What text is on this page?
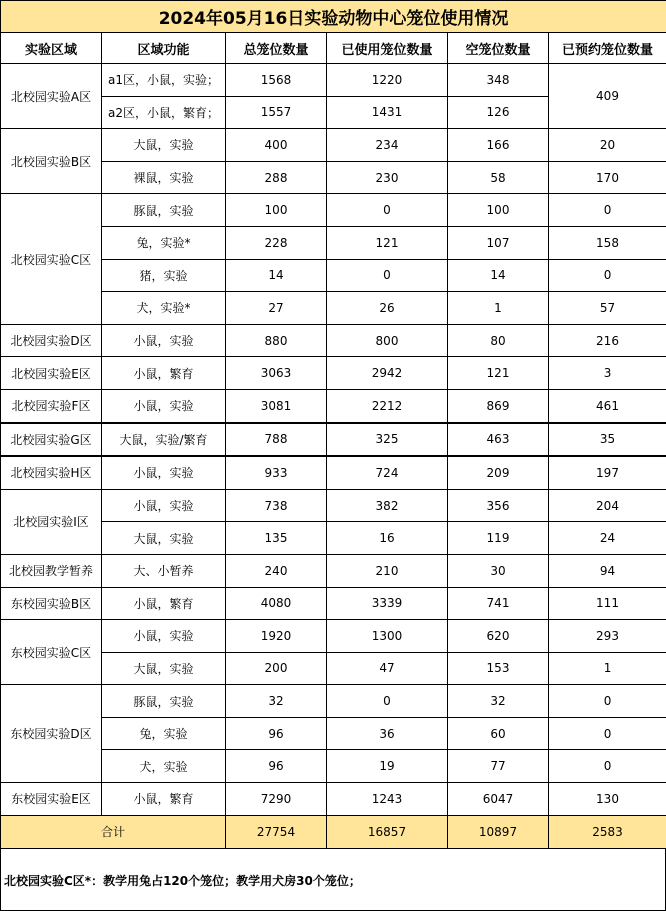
2024年05月16日实验动物中心笼位使用情况					
实验区域	区域功能	总笼位数量	已使用笼位数量	空笼位数量	已预约笼位数量
北校园实验A区	a1区，小鼠，实验；	1568	1220	348	409
	a2区，小鼠，繁育；	1557	1431	126	
北校园实验B区	大鼠，实验	400	234	166	20
	裸鼠，实验	288	230	58	170
北校园实验C区	豚鼠，实验	100	0	100	0
	兔，实验*	228	121	107	158
	猪，实验	14	0	14	0
	犬，实验*	27	26	1	57
北校园实验D区	小鼠，实验	880	800	80	216
北校园实验E区	小鼠，繁育	3063	2942	121	3
北校园实验F区	小鼠，实验	3081	2212	869	461
北校园实验G区	大鼠，实验/繁育	788	325	463	35
北校园实验H区	小鼠，实验	933	724	209	197
北校园实验I区	小鼠，实验	738	382	356	204
	大鼠，实验	135	16	119	24
北校园教学暂养	大、小暂养	240	210	30	94
东校园实验B区	小鼠，繁育	4080	3339	741	111
东校园实验C区	小鼠，实验	1920	1300	620	293
	大鼠，实验	200	47	153	1
东校园实验D区	豚鼠，实验	32	0	32	0
	兔，实验	96	36	60	0
	犬，实验	96	19	77	0
东校园实验E区	小鼠，繁育	7290	1243	6047	130
合计		27754	16857	10897	2583
北校园实验C区*：教学用兔占120个笼位；教学用犬房30个笼位；
